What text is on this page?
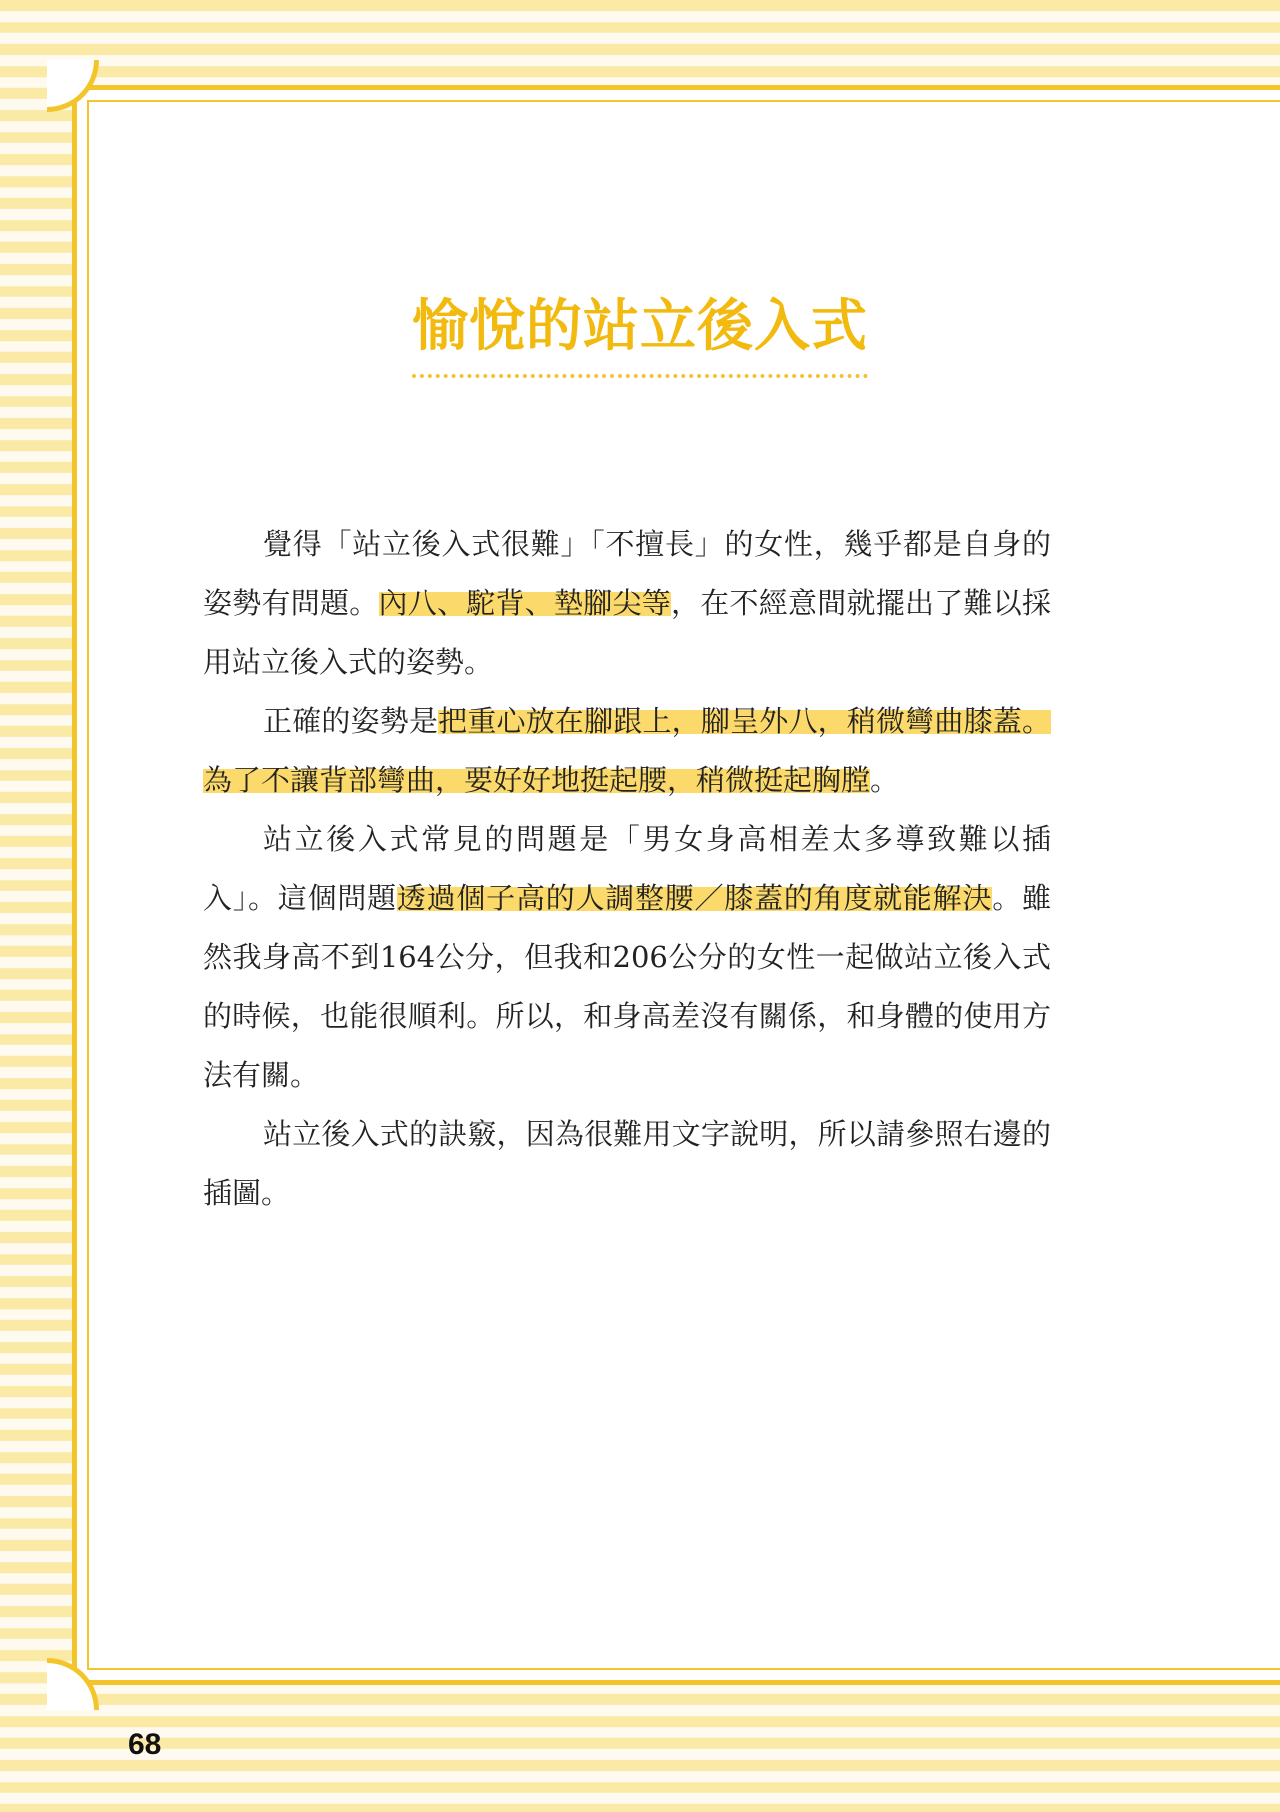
愉悅的站立後入式

覺得「站立後入式很難」「不擅長」的女性，幾乎都是自身的姿勢有問題。內八、駝背、墊腳尖等，在不經意間就擺出了難以採用站立後入式的姿勢。

正確的姿勢是把重心放在腳跟上，腳呈外八，稍微彎曲膝蓋。為了不讓背部彎曲，要好好地挺起腰，稍微挺起胸膛。

站立後入式常見的問題是「男女身高相差太多導致難以插入」。這個問題透過個子高的人調整腰／膝蓋的角度就能解決。雖然我身高不到164公分，但我和206公分的女性一起做站立後入式的時候，也能很順利。所以，和身高差沒有關係，和身體的使用方法有關。

站立後入式的訣竅，因為很難用文字說明，所以請參照右邊的插圖。

68
